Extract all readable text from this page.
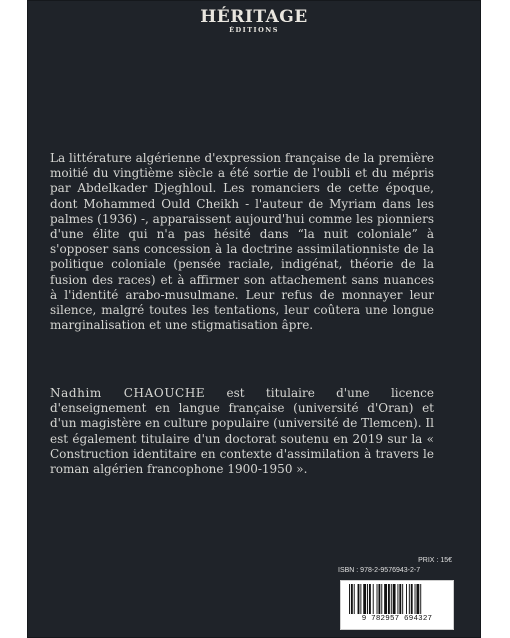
HÉRITAGE
ÉDITIONS
La littérature algérienne d'expression française de la première moitié du vingtième siècle a été sortie de l'oubli et du mépris par Abdelkader Djeghloul. Les romanciers de cette époque, dont Mohammed Ould Cheikh - l'auteur de Myriam dans les palmes (1936) -, apparaissent aujourd'hui comme les pionniers d'une élite qui n'a pas hésité dans “la nuit coloniale” à s'opposer sans concession à la doctrine assimilationniste de la politique coloniale (pensée raciale, indigénat, théorie de la fusion des races) et à affirmer son attachement sans nuances à l'identité arabo-musulmane. Leur refus de monnayer leur silence, malgré toutes les tentations, leur coûtera une longue marginalisation et une stigmatisation âpre.
Nadhim CHAOUCHE est titulaire d'une licence d'enseignement en langue française (université d'Oran) et d'un magistère en culture populaire (université de Tlemcen). Il est également titulaire d'un doctorat soutenu en 2019 sur la « Construction identitaire en contexte d'assimilation à travers le roman algérien francophone 1900-1950 ».
PRIX : 15€
ISBN : 978-2-9576943-2-7
9 782957 694327
